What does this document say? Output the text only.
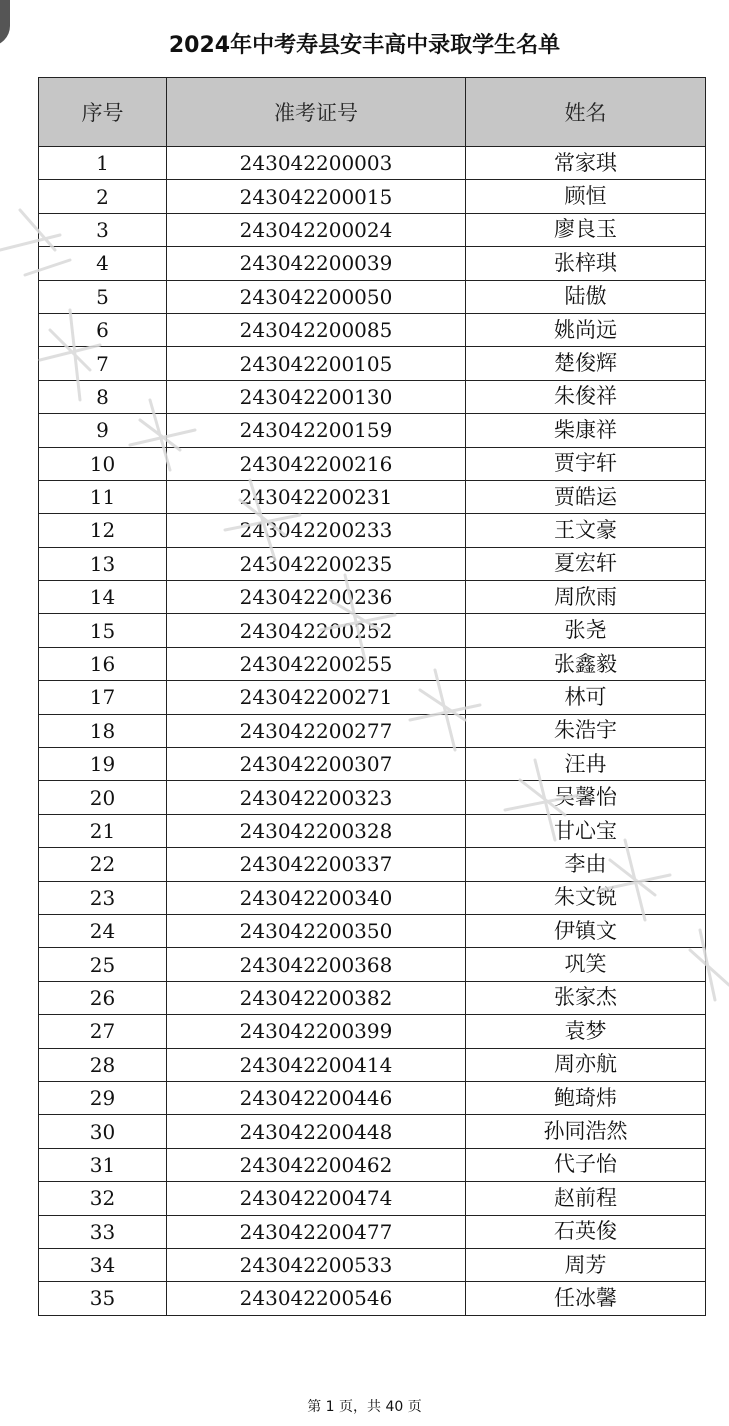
2024年中考寿县安丰高中录取学生名单
序号	准考证号	姓名
1	243042200003	常家琪
2	243042200015	顾恒
3	243042200024	廖良玉
4	243042200039	张梓琪
5	243042200050	陆傲
6	243042200085	姚尚远
7	243042200105	楚俊辉
8	243042200130	朱俊祥
9	243042200159	柴康祥
10	243042200216	贾宇轩
11	243042200231	贾皓运
12	243042200233	王文豪
13	243042200235	夏宏轩
14	243042200236	周欣雨
15	243042200252	张尧
16	243042200255	张鑫毅
17	243042200271	林可
18	243042200277	朱浩宇
19	243042200307	汪冉
20	243042200323	吴馨怡
21	243042200328	甘心宝
22	243042200337	李由
23	243042200340	朱文锐
24	243042200350	伊镇文
25	243042200368	巩笑
26	243042200382	张家杰
27	243042200399	袁梦
28	243042200414	周亦航
29	243042200446	鲍琦炜
30	243042200448	孙同浩然
31	243042200462	代子怡
32	243042200474	赵前程
33	243042200477	石英俊
34	243042200533	周芳
35	243042200546	任冰馨
第 1 页，共 40 页
